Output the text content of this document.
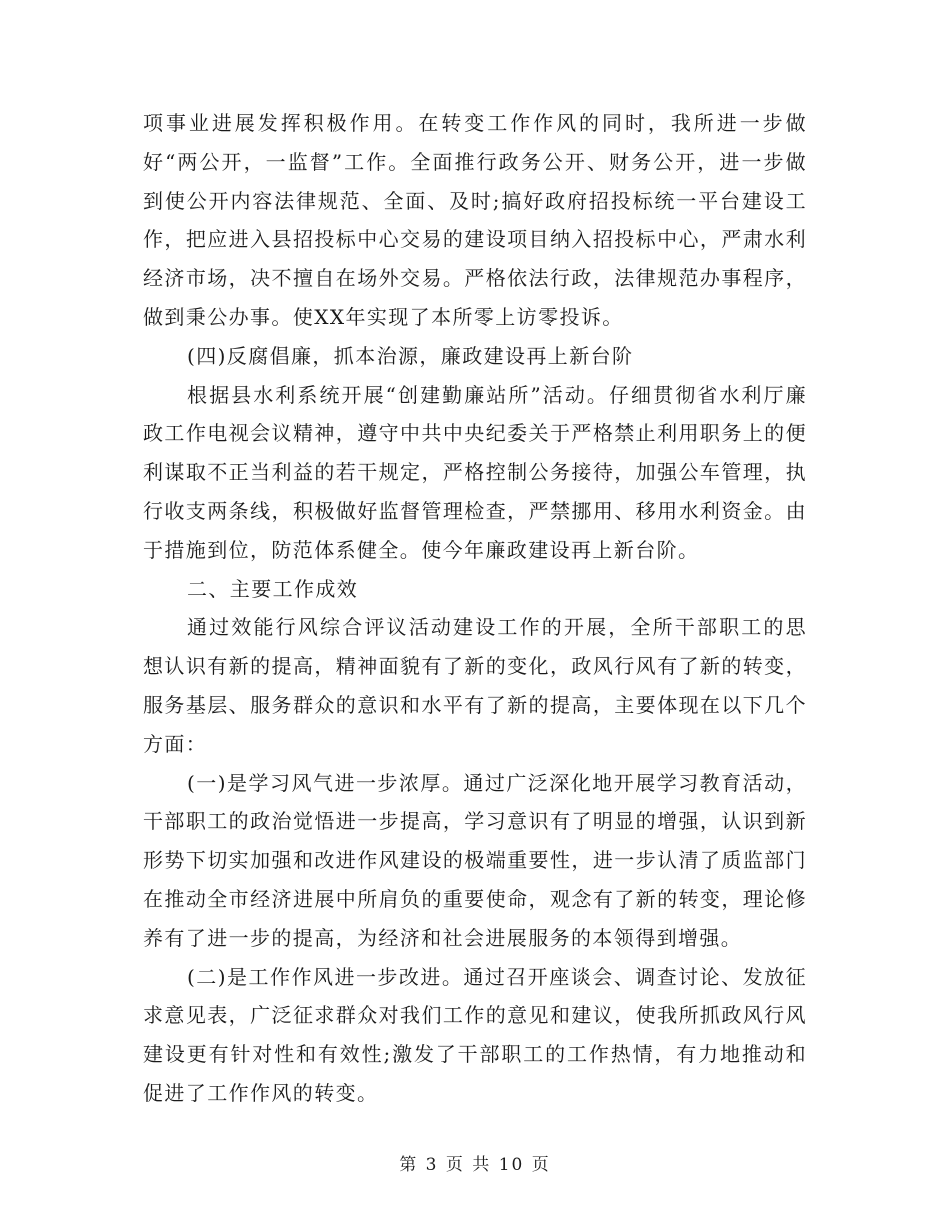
项事业进展发挥积极作用。在转变工作作风的同时，我所进一步做好“两公开，一监督”工作。全面推行政务公开、财务公开，进一步做到使公开内容法律规范、全面、及时;搞好政府招投标统一平台建设工作，把应进入县招投标中心交易的建设项目纳入招投标中心，严肃水利经济市场，决不擅自在场外交易。严格依法行政，法律规范办事程序，做到秉公办事。使XX年实现了本所零上访零投诉。

(四)反腐倡廉，抓本治源，廉政建设再上新台阶

根据县水利系统开展“创建勤廉站所”活动。仔细贯彻省水利厅廉政工作电视会议精神，遵守中共中央纪委关于严格禁止利用职务上的便利谋取不正当利益的若干规定，严格控制公务接待，加强公车管理，执行收支两条线，积极做好监督管理检查，严禁挪用、移用水利资金。由于措施到位，防范体系健全。使今年廉政建设再上新台阶。

二、主要工作成效

通过效能行风综合评议活动建设工作的开展，全所干部职工的思想认识有新的提高，精神面貌有了新的变化，政风行风有了新的转变，服务基层、服务群众的意识和水平有了新的提高，主要体现在以下几个方面：

(一)是学习风气进一步浓厚。通过广泛深化地开展学习教育活动，干部职工的政治觉悟进一步提高，学习意识有了明显的增强，认识到新形势下切实加强和改进作风建设的极端重要性，进一步认清了质监部门在推动全市经济进展中所肩负的重要使命，观念有了新的转变，理论修养有了进一步的提高，为经济和社会进展服务的本领得到增强。

(二)是工作作风进一步改进。通过召开座谈会、调查讨论、发放征求意见表，广泛征求群众对我们工作的意见和建议，使我所抓政风行风建设更有针对性和有效性;激发了干部职工的工作热情，有力地推动和促进了工作作风的转变。

第 3 页 共 10 页
